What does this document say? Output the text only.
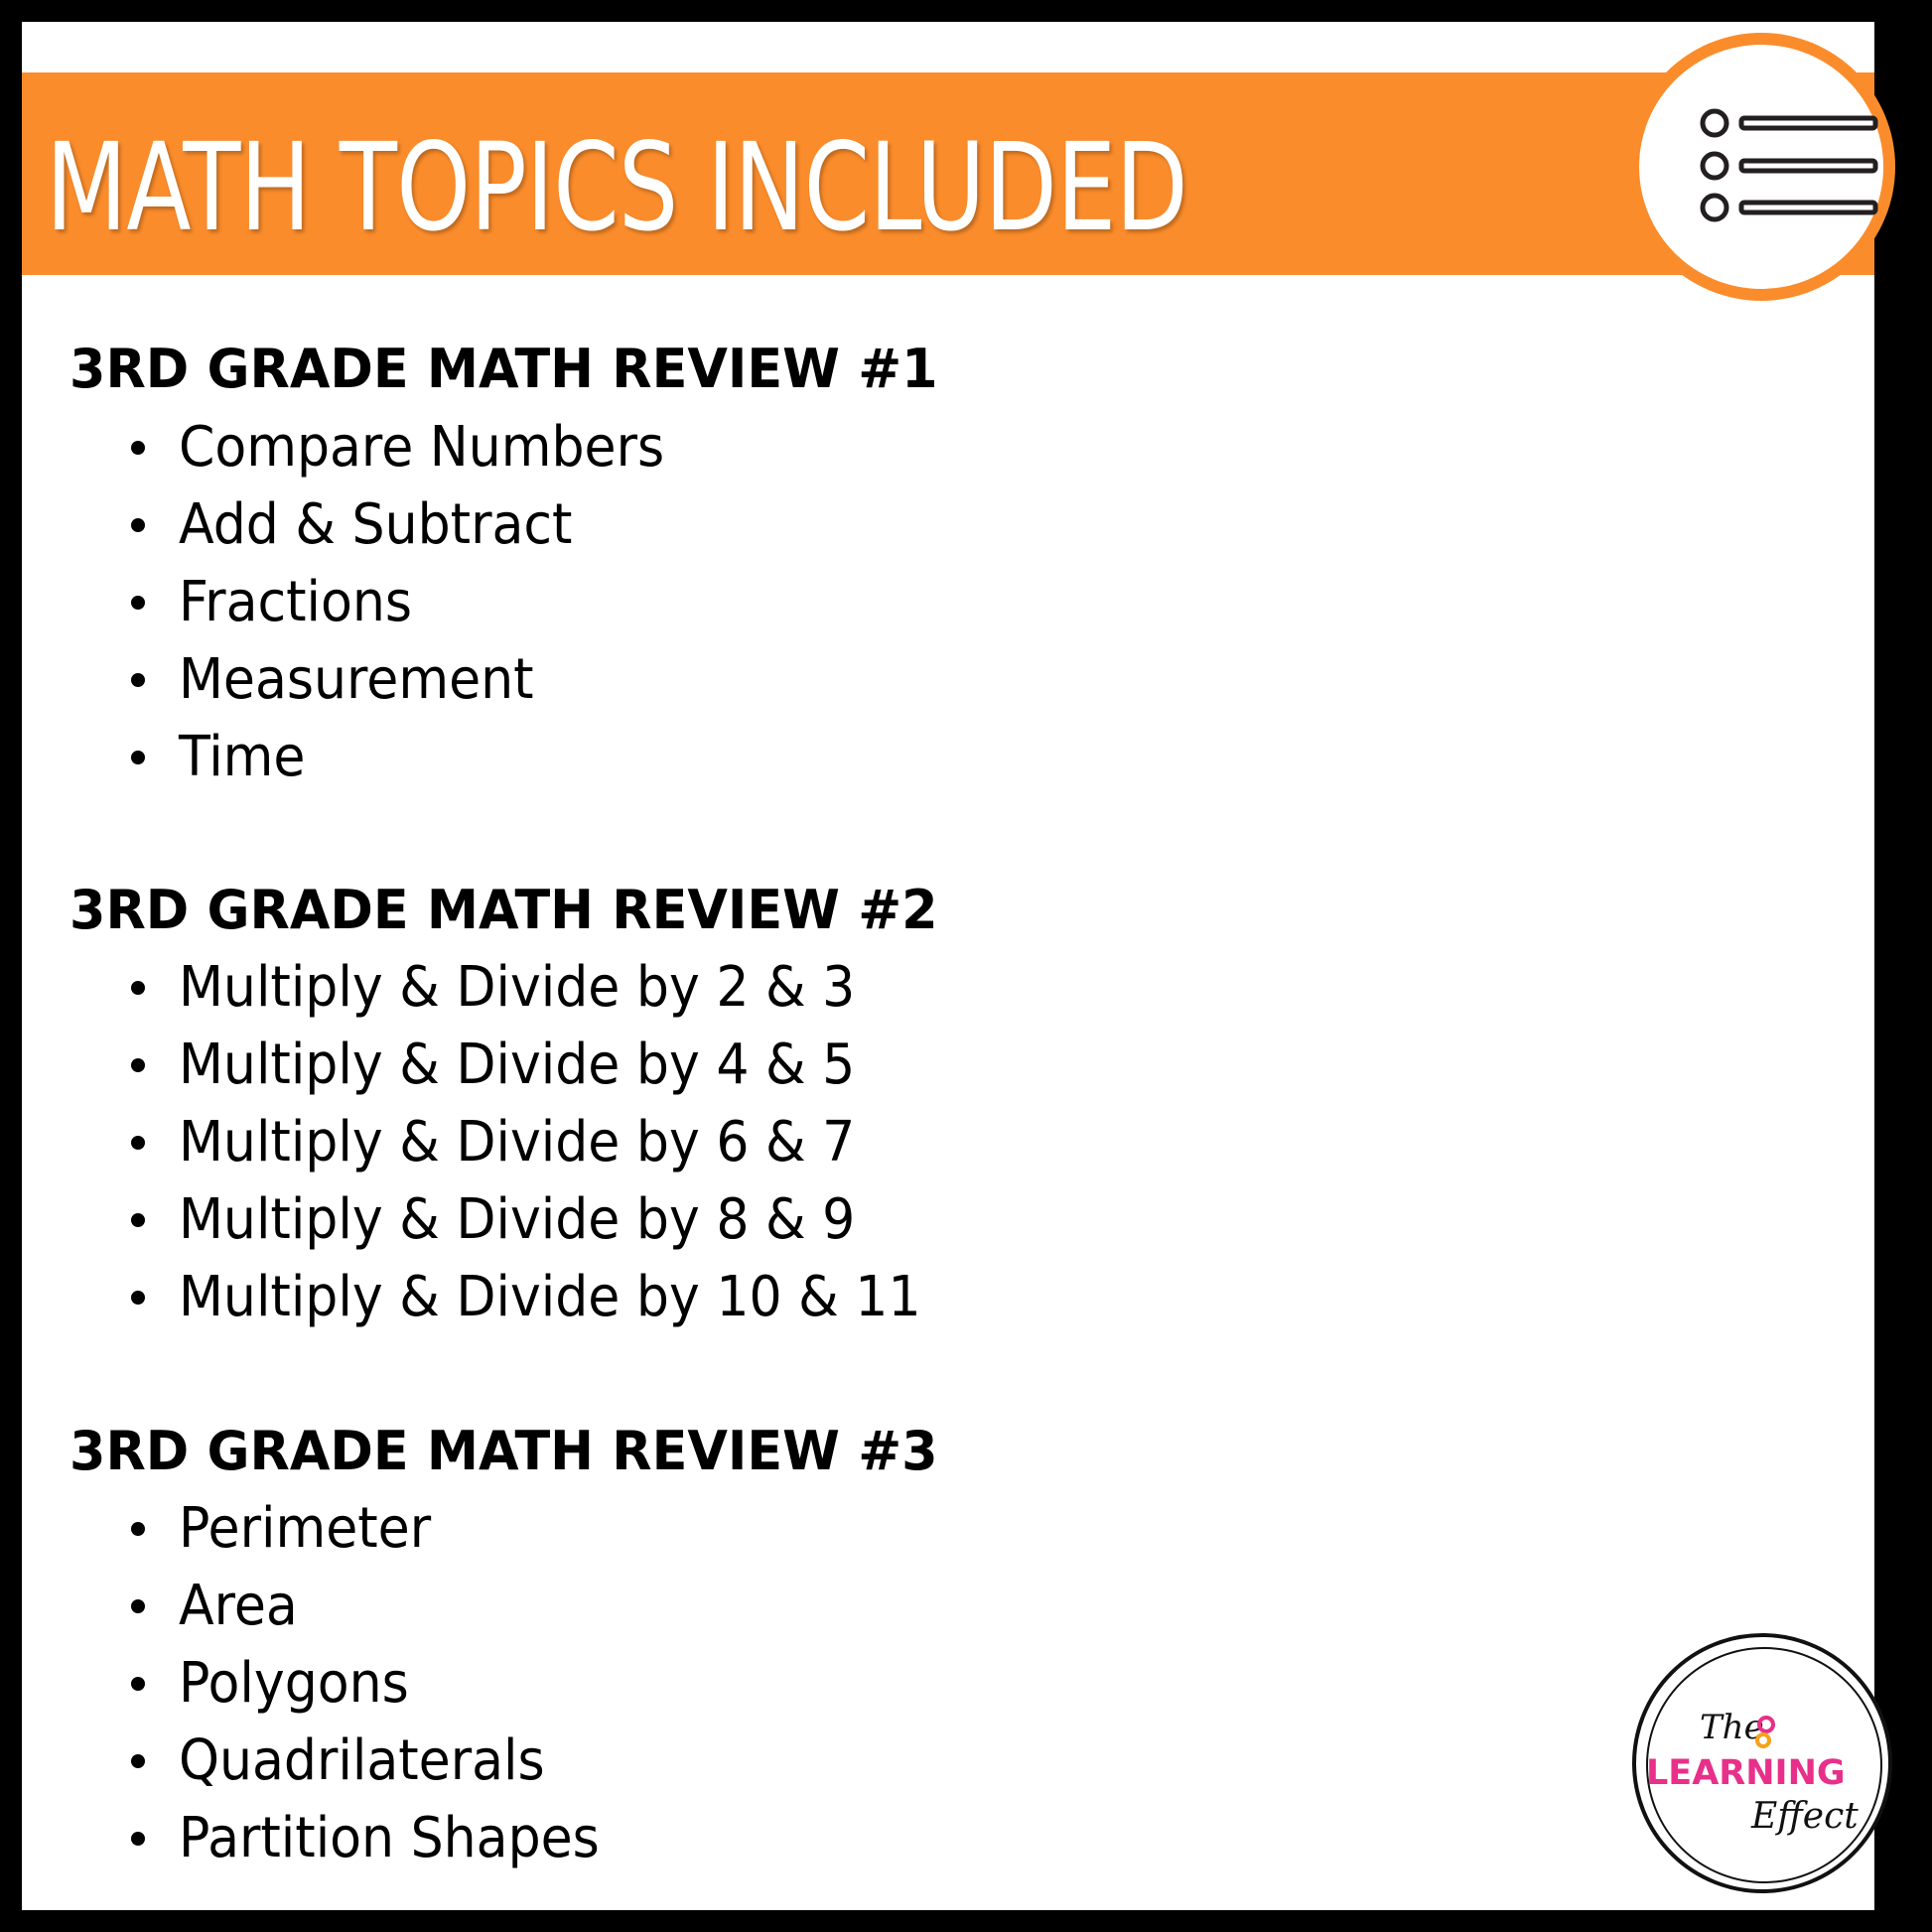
MATH TOPICS INCLUDED
3RD GRADE MATH REVIEW #1
Compare Numbers
Add & Subtract
Fractions
Measurement
Time
3RD GRADE MATH REVIEW #2
Multiply & Divide by 2 & 3
Multiply & Divide by 4 & 5
Multiply & Divide by 6 & 7
Multiply & Divide by 8 & 9
Multiply & Divide by 10 & 11
3RD GRADE MATH REVIEW #3
Perimeter
Area
Polygons
Quadrilaterals
Partition Shapes
The
LEARNING
Effect
